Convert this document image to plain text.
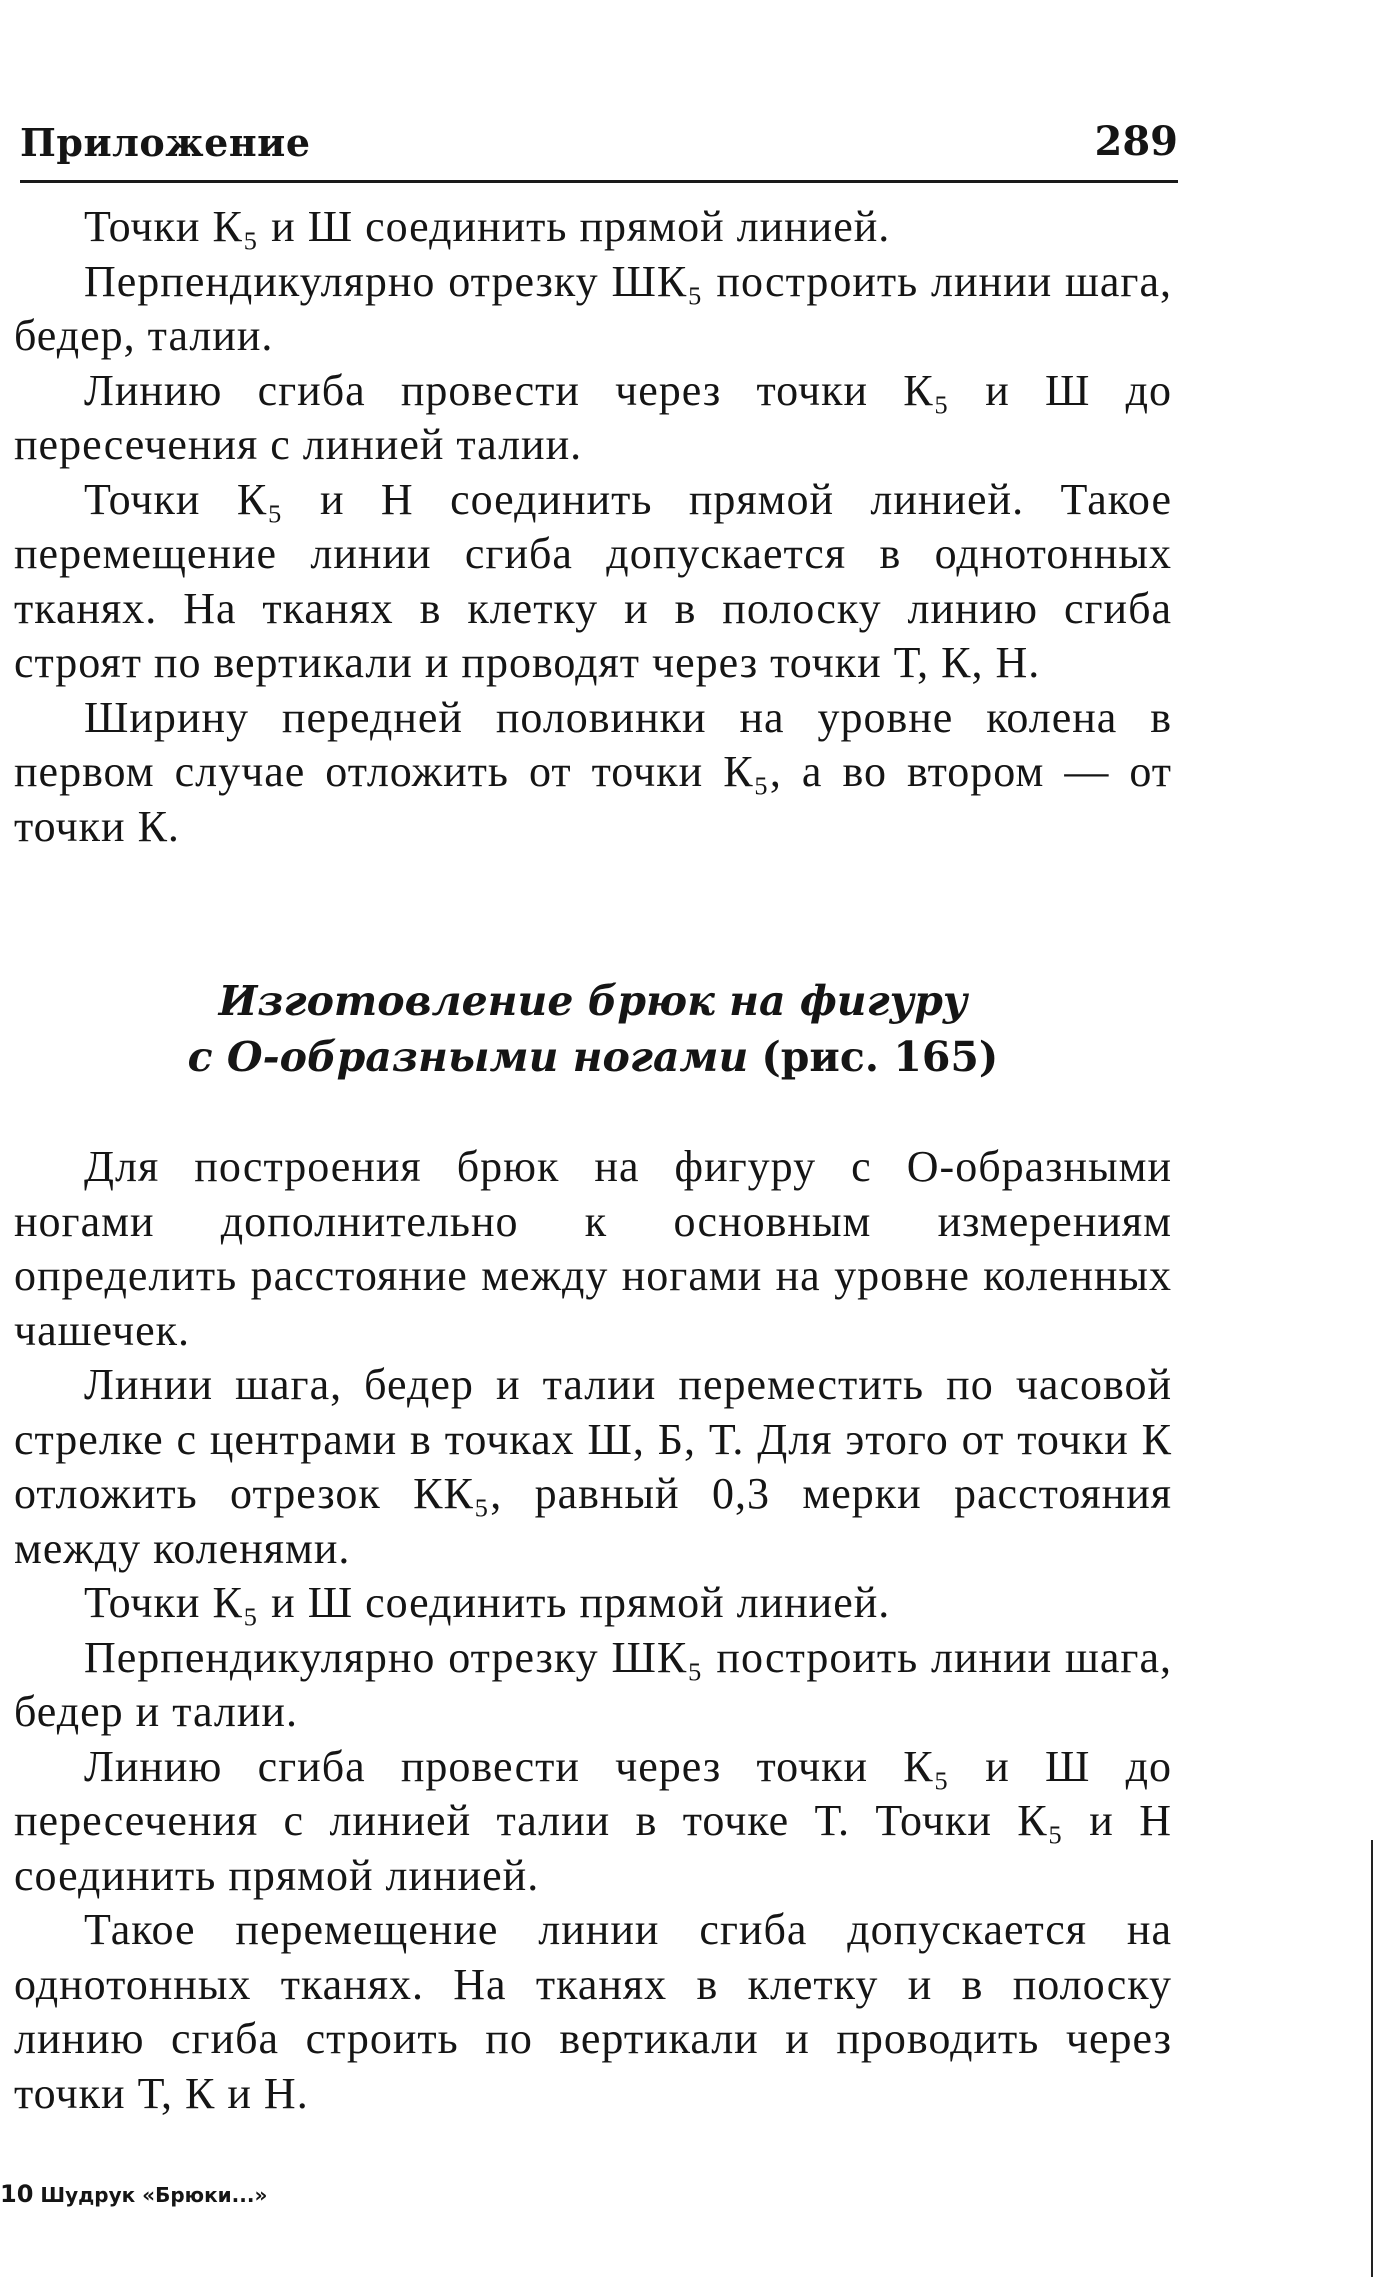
Приложение	289

Точки К₅ и Ш соединить прямой линией.

Перпендикулярно отрезку ШК₅ построить линии шага, бедер, талии.

Линию сгиба провести через точки К₅ и Ш до пересечения с линией талии.

Точки К₅ и Н соединить прямой линией. Такое перемещение линии сгиба допускается в однотонных тканях. На тканях в клетку и в полоску линию сгиба строят по вертикали и проводят через точки Т, К, Н.

Ширину передней половинки на уровне колена в первом случае отложить от точки К₅, а во втором — от точки К.

Изготовление брюк на фигуру
с О-образными ногами (рис. 165)

Для построения брюк на фигуру с О-образными ногами дополнительно к основным измерениям определить расстояние между ногами на уровне коленных чашечек.

Линии шага, бедер и талии переместить по часовой стрелке с центрами в точках Ш, Б, Т. Для этого от точки К отложить отрезок КК₅, равный 0,3 мерки расстояния между коленями.

Точки К₅ и Ш соединить прямой линией.

Перпендикулярно отрезку ШК₅ построить линии шага, бедер и талии.

Линию сгиба провести через точки К₅ и Ш до пересечения с линией талии в точке Т. Точки К₅ и Н соединить прямой линией.

Такое перемещение линии сгиба допускается на однотонных тканях. На тканях в клетку и в полоску линию сгиба строить по вертикали и проводить через точки Т, К и Н.

10 Шудрук «Брюки...»
